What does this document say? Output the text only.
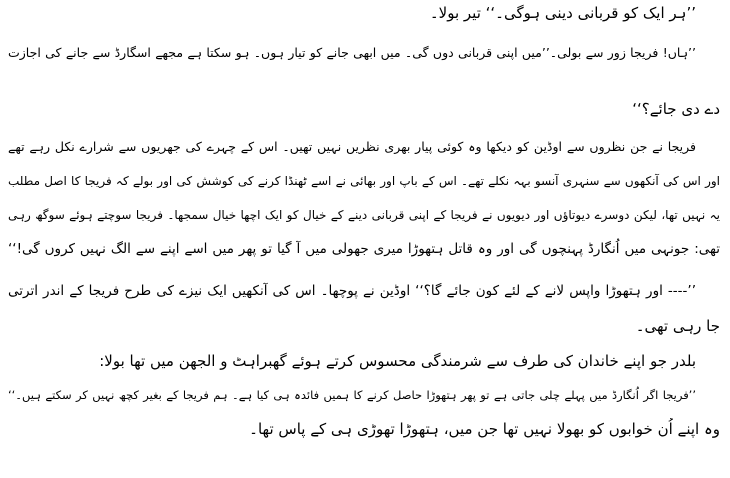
’’ہر ایک کو قربانی دینی ہوگی۔‘‘ تیر بولا۔
’’ہاں! فریجا زور سے بولی۔’’میں اپنی قربانی دوں گی۔ میں ابھی جانے کو تیار ہوں۔ ہو سکتا ہے مجھے اسگارڈ سے جانے کی اجازت
دے دی جائے؟‘‘
فریجا نے جن نظروں سے اوڈین کو دیکھا وہ کوئی پیار بھری نظریں نہیں تھیں۔ اس کے چہرے کی جھریوں سے شرارے نکل رہے تھے
اور اس کی آنکھوں سے سنہری آنسو بہہ نکلے تھے۔ اس کے باپ اور بھائی نے اسے ٹھنڈا کرنے کی کوشش کی اور بولے کہ فریجا کا اصل مطلب
یہ نہیں تھا، لیکن دوسرے دیوتاؤں اور دیویوں نے فریجا کے اپنی قربانی دینے کے خیال کو ایک اچھا خیال سمجھا۔ فریجا سوچتے ہوئے سوگھ رہی
تھی: جونہی میں اُنگارڈ پہنچوں گی اور وہ قاتل ہتھوڑا میری جھولی میں آ گیا تو پھر میں اسے اپنے سے الگ نہیں کروں گی!‘‘
’’---- اور ہتھوڑا واپس لانے کے لئے کون جائے گا؟‘‘ اوڈین نے پوچھا۔ اس کی آنکھیں ایک نیزے کی طرح فریجا کے اندر اترتی
جا رہی تھی۔
بلدر جو اپنے خاندان کی طرف سے شرمندگی محسوس کرتے ہوئے گھبراہٹ و الجھن میں تھا بولا:
’’فریجا اگر اُنگارڈ میں پہلے چلی جاتی ہے تو پھر ہتھوڑا حاصل کرنے کا ہمیں فائدہ ہی کیا ہے۔ ہم فریجا کے بغیر کچھ نہیں کر سکتے ہیں۔‘‘
وہ اپنے اُن خوابوں کو بھولا نہیں تھا جن میں، ہتھوڑا تھوڑی ہی کے پاس تھا۔
